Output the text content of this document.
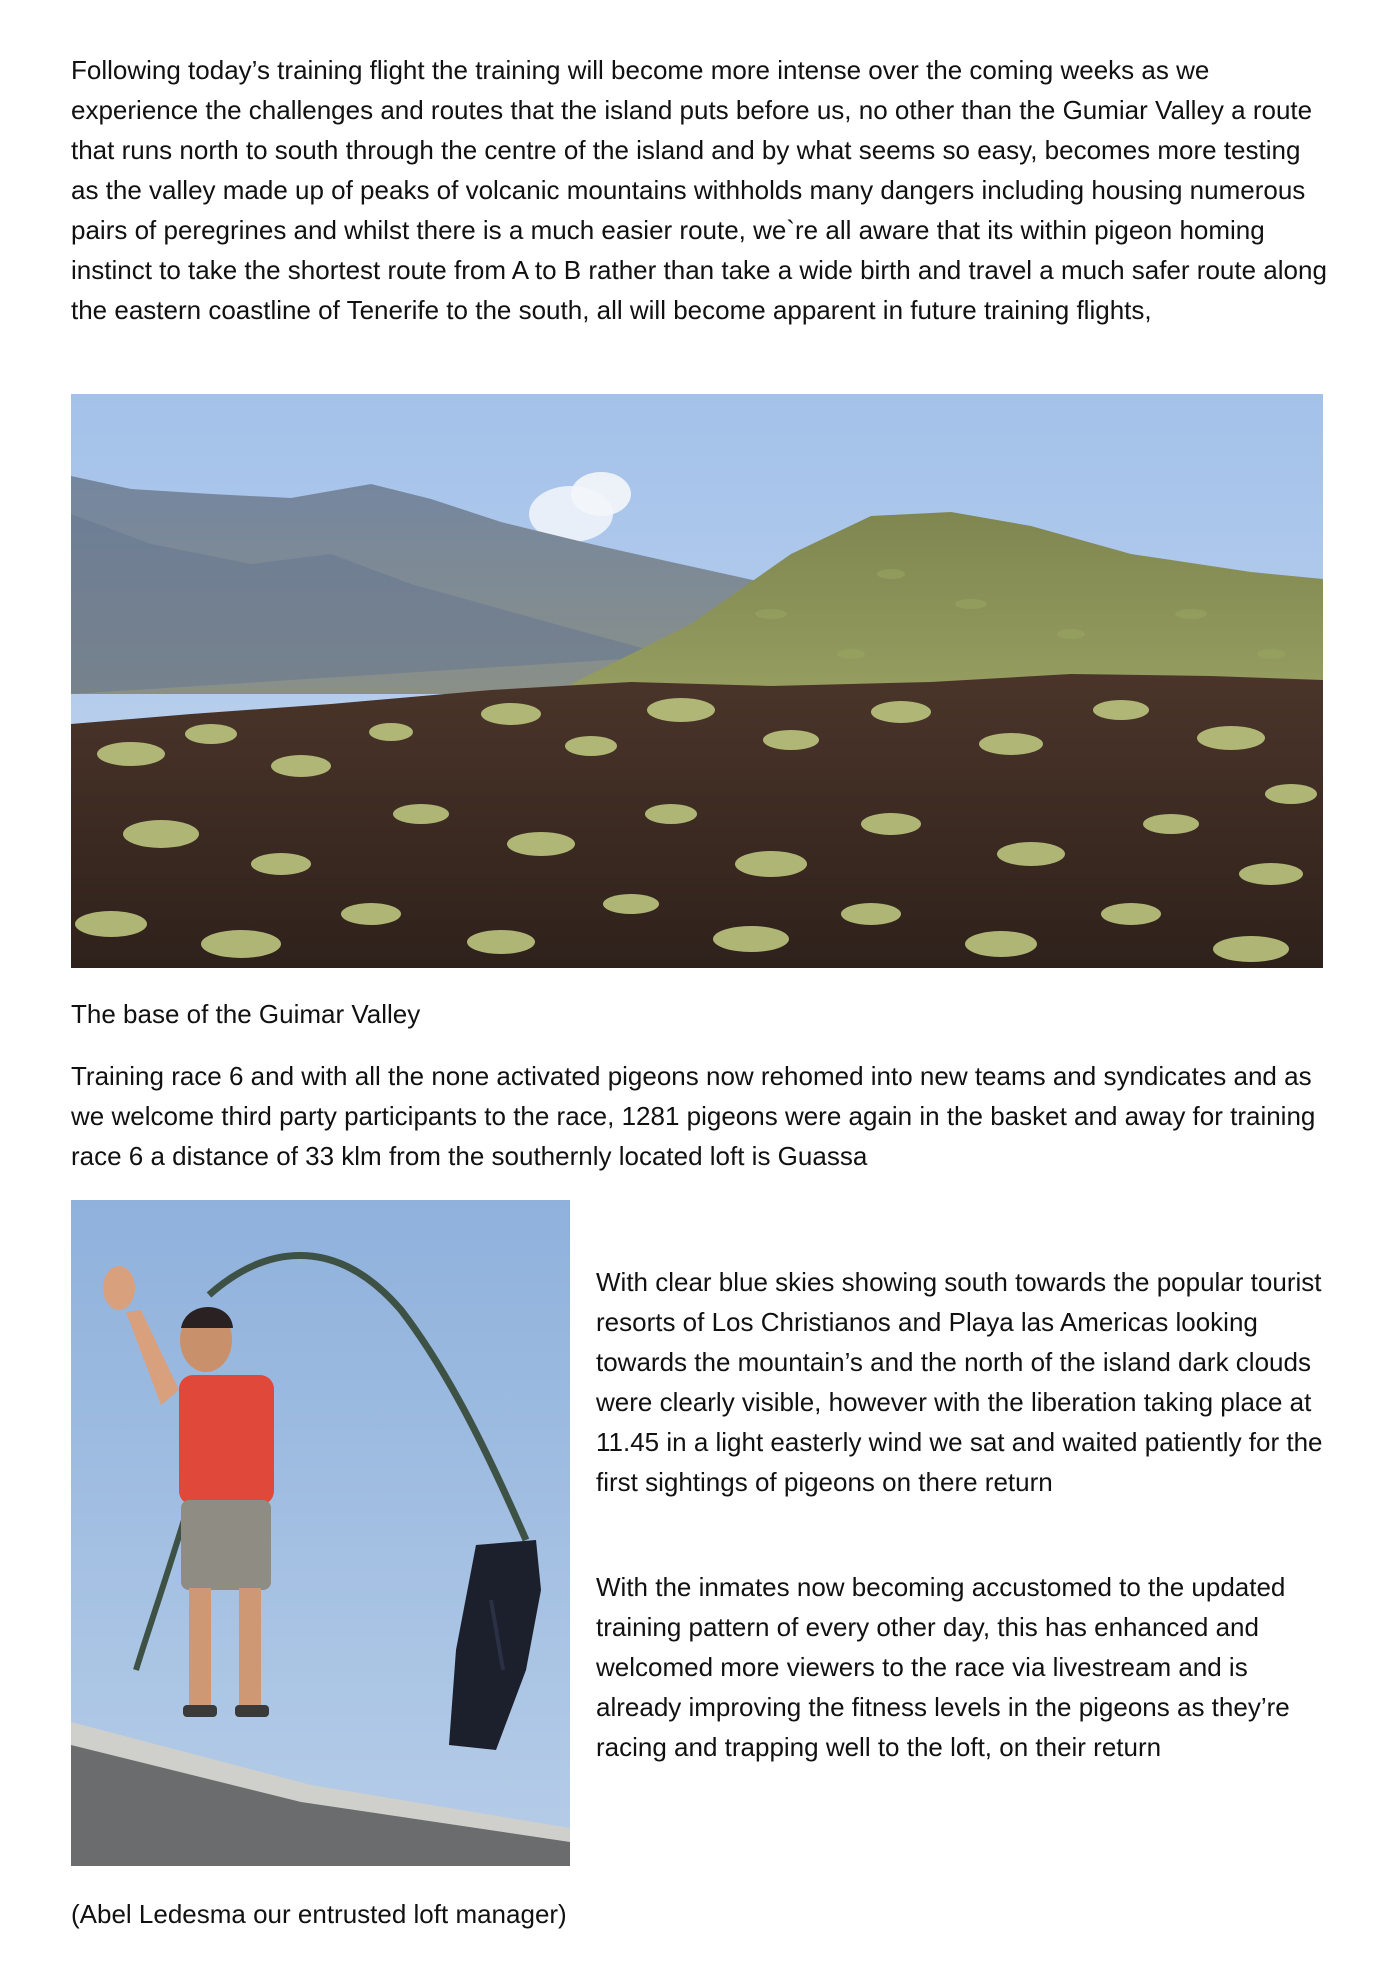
Following today’s training flight the training will become more intense over the coming weeks as we experience the challenges and routes that the island puts before us, no other than the Gumiar Valley a route that runs north to south through the centre of the island and by what seems so easy, becomes more testing as the valley made up of peaks of volcanic mountains withholds many dangers including housing numerous pairs of peregrines and whilst there is a much easier route, we`re all aware that its within pigeon homing instinct to take the shortest route from A to B rather than take a wide birth and travel a much safer route along the eastern coastline of Tenerife to the south, all will become apparent in future training flights,

The base of the Guimar Valley

Training race 6 and with all the none activated pigeons now rehomed into new teams and syndicates and as we welcome third party participants to the race, 1281 pigeons were again in the basket and away for training race 6 a distance of 33 klm from the southernly located loft is Guassa

With clear blue skies showing south towards the popular tourist resorts of Los Christianos and Playa las Americas looking towards the mountain’s and the north of the island dark clouds were clearly visible, however with the liberation taking place at 11.45 in a light easterly wind we sat and waited patiently for the first sightings of pigeons on there return

With the inmates now becoming accustomed to the updated training pattern of every other day, this has enhanced and welcomed more viewers to the race via livestream and is already improving the fitness levels in the pigeons as they’re racing and trapping well to the loft, on their return

(Abel Ledesma our entrusted loft manager)
